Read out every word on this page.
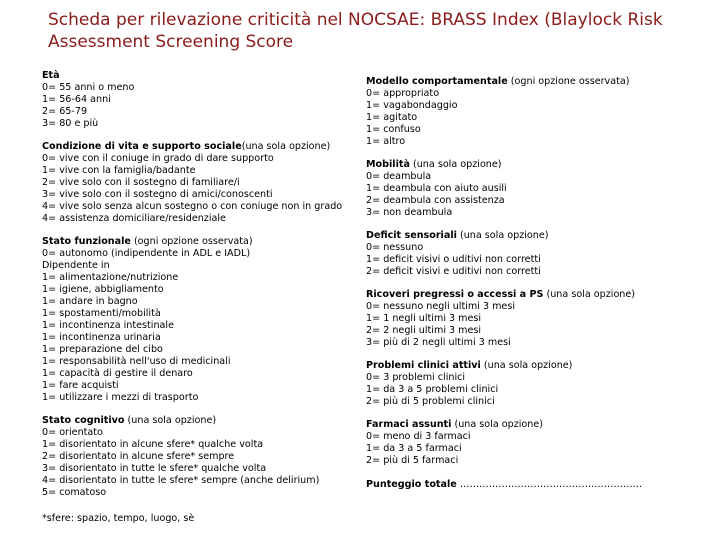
Scheda per rilevazione criticità nel NOCSAE: BRASS Index (Blaylock Risk Assessment Screening Score
Età
0= 55 anni o meno
1= 56-64 anni
2= 65-79
3= 80 e più
Condizione di vita e supporto sociale(una sola opzione)
0= vive con il coniuge in grado di dare supporto
1= vive con la famiglia/badante
2= vive solo con il sostegno di familiare/i
3= vive solo con il sostegno di amici/conoscenti
4= vive solo senza alcun sostegno o con coniuge non in grado
4= assistenza domiciliare/residenziale
Stato funzionale (ogni opzione osservata)
0= autonomo (indipendente in ADL e IADL)
Dipendente in
1= alimentazione/nutrizione
1= igiene, abbigliamento
1= andare in bagno
1= spostamenti/mobilità
1= incontinenza intestinale
1= incontinenza urinaria
1= preparazione del cibo
1= responsabilità nell'uso di medicinali
1= capacità di gestire il denaro
1= fare acquisti
1= utilizzare i mezzi di trasporto
Stato cognitivo (una sola opzione)
0= orientato
1= disorientato in alcune sfere* qualche volta
2= disorientato in alcune sfere* sempre
3= disorientato in tutte le sfere* qualche volta
4= disorientato in tutte le sfere* sempre (anche delirium)
5= comatoso
*sfere: spazio, tempo, luogo, sè
Modello comportamentale (ogni opzione osservata)
0= appropriato
1= vagabondaggio
1= agitato
1= confuso
1= altro
Mobilità (una sola opzione)
0= deambula
1= deambula con aiuto ausili
2= deambula con assistenza
3= non deambula
Deficit sensoriali (una sola opzione)
0= nessuno
1= deficit visivi o uditivi non corretti
2= deficit visivi e uditivi non corretti
Ricoveri pregressi o accessi a PS (una sola opzione)
0= nessuno negli ultimi 3 mesi
1= 1 negli ultimi 3 mesi
2= 2 negli ultimi 3 mesi
3= più di 2 negli ultimi 3 mesi
Problemi clinici attivi (una sola opzione)
0= 3 problemi clinici
1= da 3 a 5 problemi clinici
2= più di 5 problemi clinici
Farmaci assunti (una sola opzione)
0= meno di 3 farmaci
1= da 3 a 5 farmaci
2= più di 5 farmaci
Punteggio totale …………………………………………………
